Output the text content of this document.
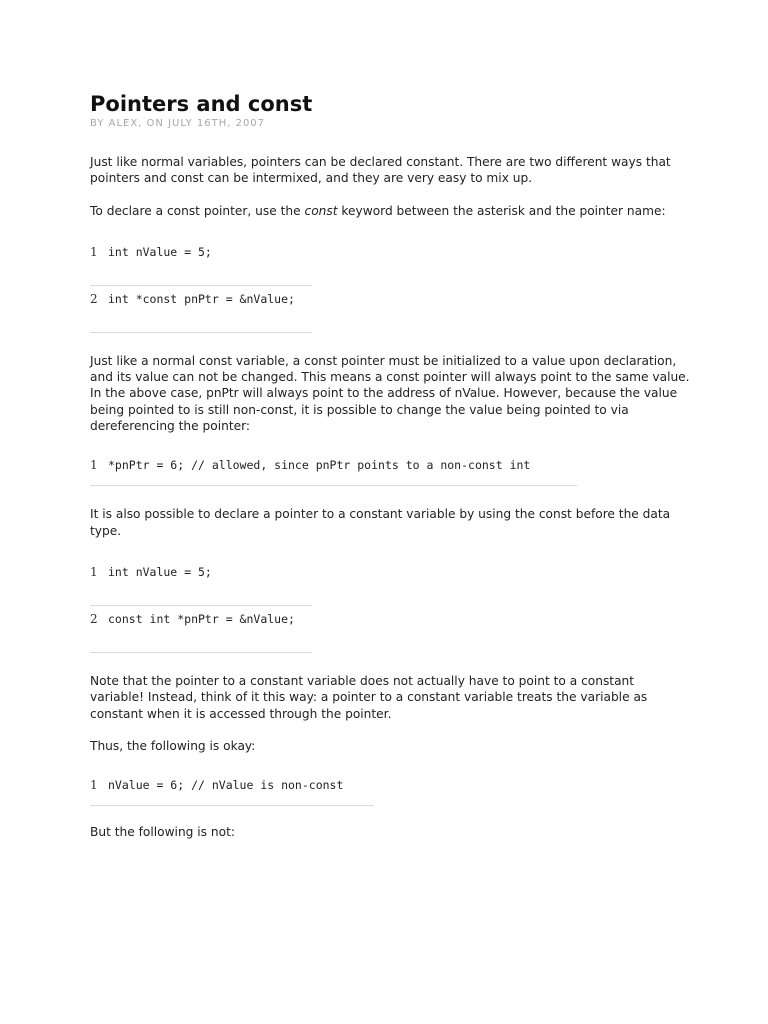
Pointers and const

BY ALEX, ON JULY 16TH, 2007

Just like normal variables, pointers can be declared constant. There are two different ways that pointers and const can be intermixed, and they are very easy to mix up.

To declare a const pointer, use the const keyword between the asterisk and the pointer name:

1 int nValue = 5;
2 int *const pnPtr = &nValue;

Just like a normal const variable, a const pointer must be initialized to a value upon declaration, and its value can not be changed. This means a const pointer will always point to the same value. In the above case, pnPtr will always point to the address of nValue. However, because the value being pointed to is still non-const, it is possible to change the value being pointed to via dereferencing the pointer:

1 *pnPtr = 6; // allowed, since pnPtr points to a non-const int

It is also possible to declare a pointer to a constant variable by using the const before the data type.

1 int nValue = 5;
2 const int *pnPtr = &nValue;

Note that the pointer to a constant variable does not actually have to point to a constant variable! Instead, think of it this way: a pointer to a constant variable treats the variable as constant when it is accessed through the pointer.

Thus, the following is okay:

1 nValue = 6; // nValue is non-const

But the following is not:
